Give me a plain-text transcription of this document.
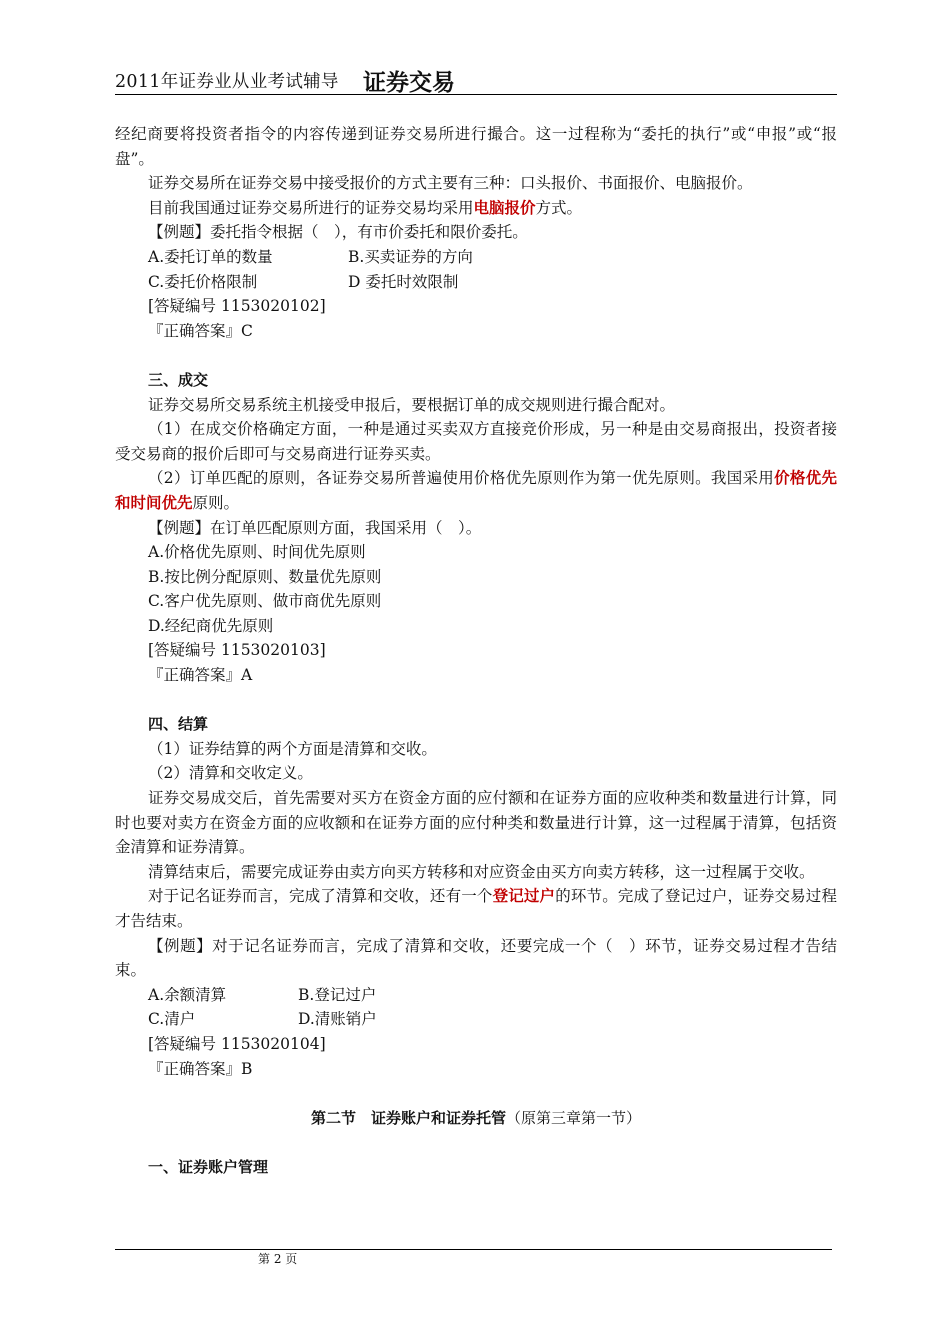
2011年证券业从业考试辅导 证券交易

经纪商要将投资者指令的内容传递到证券交易所进行撮合。这一过程称为“委托的执行”或“申报”或“报盘”。

证券交易所在证券交易中接受报价的方式主要有三种：口头报价、书面报价、电脑报价。

目前我国通过证券交易所进行的证券交易均采用电脑报价方式。

【例题】委托指令根据（　），有市价委托和限价委托。

A.委托订单的数量	B.买卖证券的方向

C.委托价格限制	D 委托时效限制

[答疑编号 1153020102]

『正确答案』C

三、成交

证券交易所交易系统主机接受申报后，要根据订单的成交规则进行撮合配对。

（1）在成交价格确定方面，一种是通过买卖双方直接竞价形成，另一种是由交易商报出，投资者接受交易商的报价后即可与交易商进行证券买卖。

（2）订单匹配的原则，各证券交易所普遍使用价格优先原则作为第一优先原则。我国采用价格优先和时间优先原则。

【例题】在订单匹配原则方面，我国采用（　）。

A.价格优先原则、时间优先原则

B.按比例分配原则、数量优先原则

C.客户优先原则、做市商优先原则

D.经纪商优先原则

[答疑编号 1153020103]

『正确答案』A

四、结算

（1）证券结算的两个方面是清算和交收。

（2）清算和交收定义。

证券交易成交后，首先需要对买方在资金方面的应付额和在证券方面的应收种类和数量进行计算，同时也要对卖方在资金方面的应收额和在证券方面的应付种类和数量进行计算，这一过程属于清算，包括资金清算和证券清算。

清算结束后，需要完成证券由卖方向买方转移和对应资金由买方向卖方转移，这一过程属于交收。

对于记名证券而言，完成了清算和交收，还有一个登记过户的环节。完成了登记过户，证券交易过程才告结束。

【例题】对于记名证券而言，完成了清算和交收，还要完成一个（　）环节，证券交易过程才告结束。

A.余额清算	B.登记过户

C.清户	D.清账销户

[答疑编号 1153020104]

『正确答案』B

第二节　证券账户和证券托管（原第三章第一节）

一、证券账户管理

第 2 页
